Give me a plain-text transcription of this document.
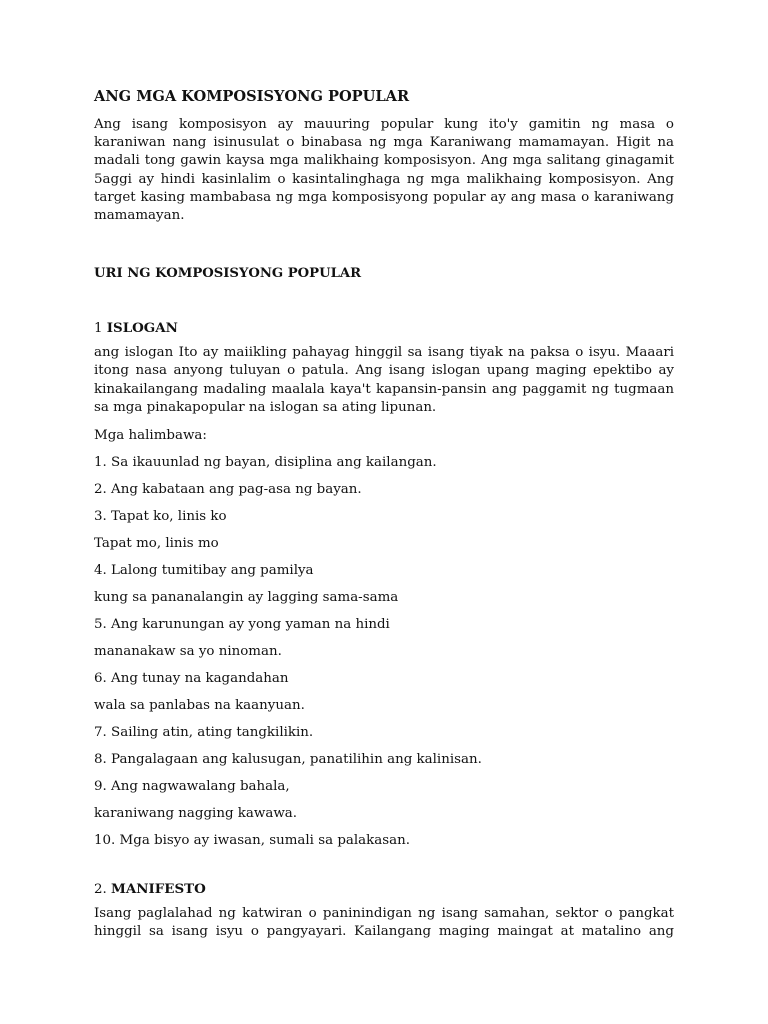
ANG MGA KOMPOSISYONG POPULAR

Ang isang komposisyon ay mauuring popular kung ito'y gamitin ng masa o karaniwan nang isinusulat o binabasa ng mga Karaniwang mamamayan. Higit na madali tong gawin kaysa mga malikhaing komposisyon. Ang mga salitang ginagamit 5aggi ay hindi kasinlalim o kasintalinghaga ng mga malikhaing komposisyon. Ang target kasing mambabasa ng mga komposisyong popular ay ang masa o karaniwang mamamayan.

URI NG KOMPOSISYONG POPULAR
1 ISLOGAN

ang islogan Ito ay maiikling pahayag hinggil sa isang tiyak na paksa o isyu. Maaari itong nasa anyong tuluyan o patula. Ang isang islogan upang maging epektibo ay kinakailangang madaling maalala kaya't kapansin-pansin ang paggamit ng tugmaan sa mga pinakapopular na islogan sa ating lipunan.

Mga halimbawa:
1. Sa ikauunlad ng bayan, disiplina ang kailangan.
2. Ang kabataan ang pag-asa ng bayan.
3. Tapat ko, linis ko
Tapat mo, linis mo
4. Lalong tumitibay ang pamilya
kung sa pananalangin ay lagging sama-sama
5. Ang karunungan ay yong yaman na hindi
mananakaw sa yo ninoman.
6. Ang tunay na kagandahan
wala sa panlabas na kaanyuan.
7. Sailing atin, ating tangkilikin.
8. Pangalagaan ang kalusugan, panatilihin ang kalinisan.
9. Ang nagwawalang bahala,
karaniwang nagging kawawa.
10. Mga bisyo ay iwasan, sumali sa palakasan.
2. MANIFESTO

Isang paglalahad ng katwiran o paninindigan ng isang samahan, sektor o pangkat hinggil sa isang isyu o pangyayari. Kailangang maging maingat at matalino ang
